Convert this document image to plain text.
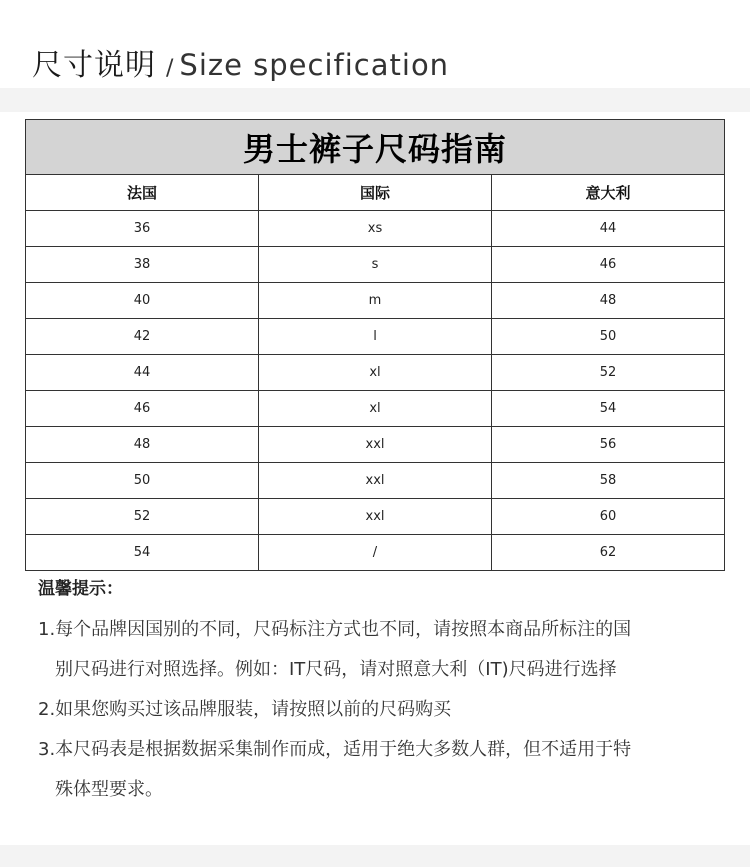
尺寸说明 / Size specification
男士裤子尺码指南		
法国	国际	意大利
36	xs	44
38	s	46
40	m	48
42	l	50
44	xl	52
46	xl	54
48	xxl	56
50	xxl	58
52	xxl	60
54	/	62
温馨提示：
1.每个品牌因国别的不同，尺码标注方式也不同，请按照本商品所标注的国
别尺码进行对照选择。例如：IT尺码，请对照意大利（IT)尺码进行选择
2.如果您购买过该品牌服装，请按照以前的尺码购买
3.本尺码表是根据数据采集制作而成，适用于绝大多数人群，但不适用于特
殊体型要求。
